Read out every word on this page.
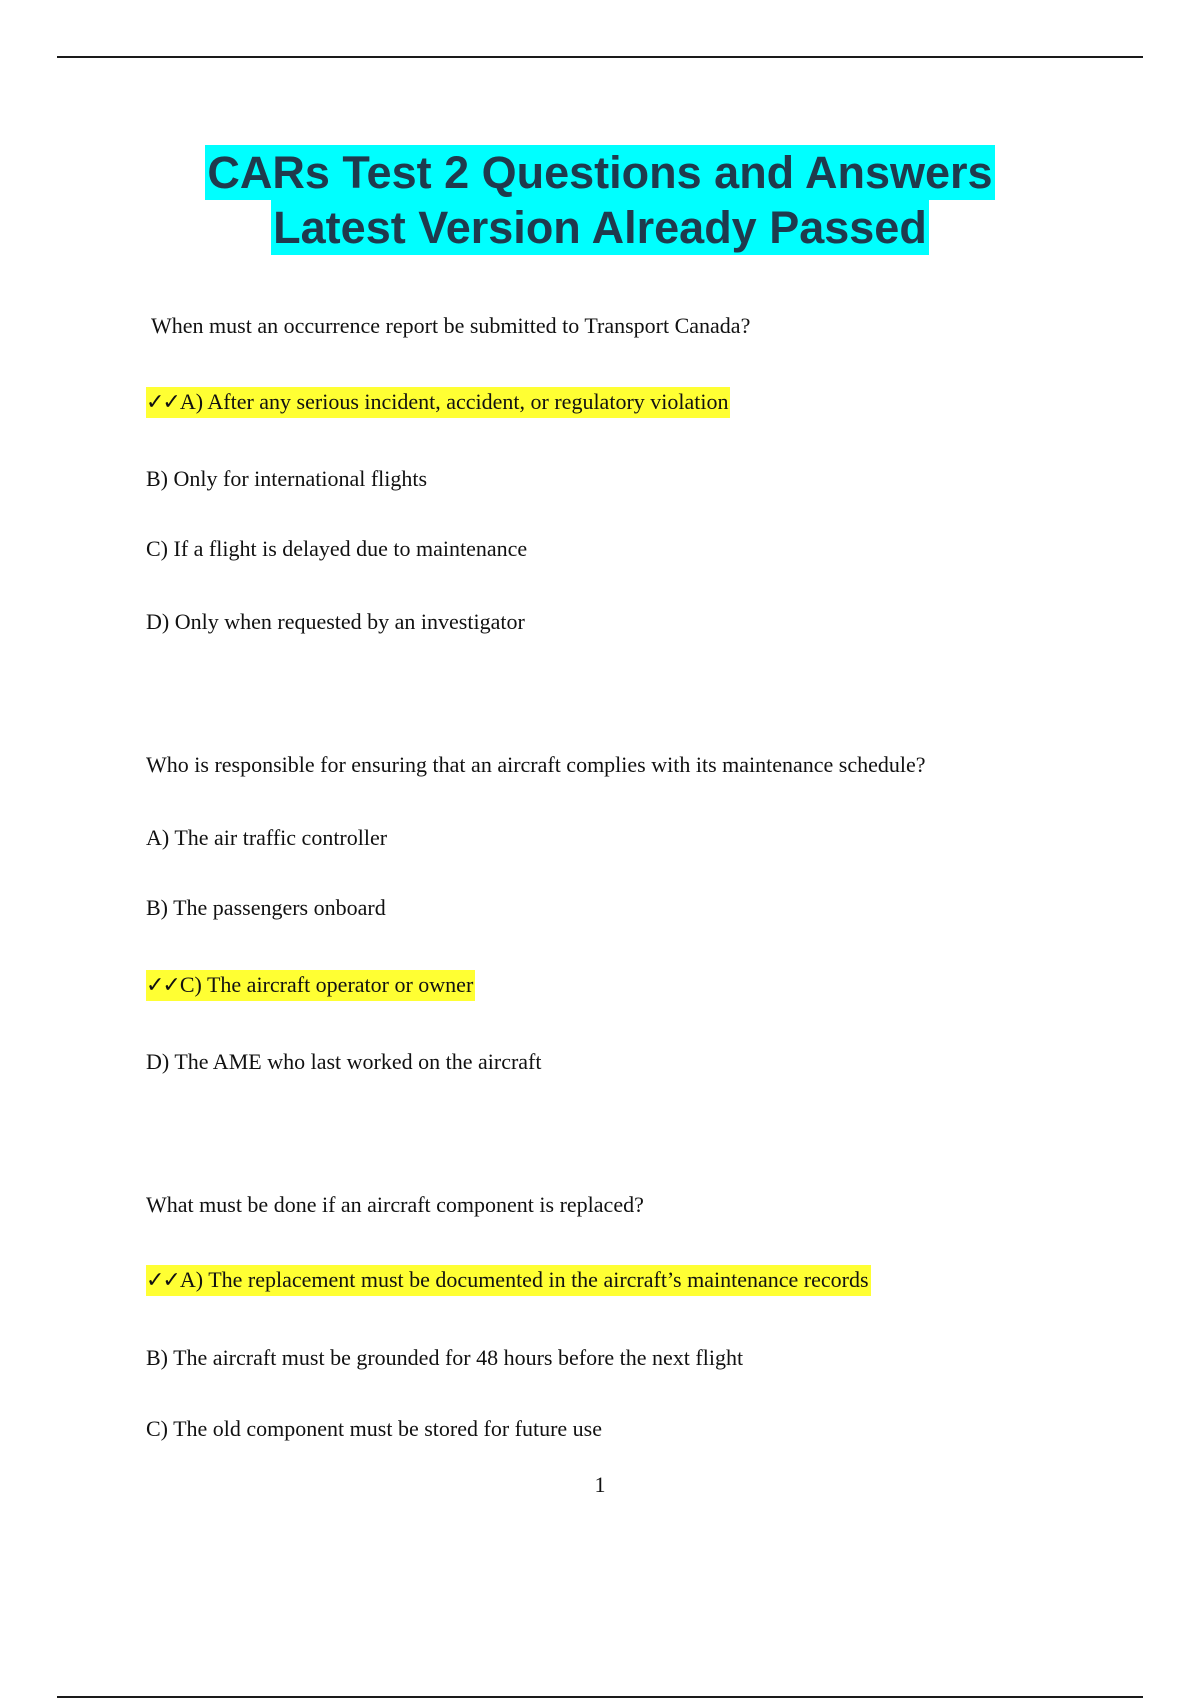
CARs Test 2 Questions and Answers
Latest Version Already Passed
When must an occurrence report be submitted to Transport Canada?
✓✓A) After any serious incident, accident, or regulatory violation
B) Only for international flights
C) If a flight is delayed due to maintenance
D) Only when requested by an investigator
Who is responsible for ensuring that an aircraft complies with its maintenance schedule?
A) The air traffic controller
B) The passengers onboard
✓✓C) The aircraft operator or owner
D) The AME who last worked on the aircraft
What must be done if an aircraft component is replaced?
✓✓A) The replacement must be documented in the aircraft’s maintenance records
B) The aircraft must be grounded for 48 hours before the next flight
C) The old component must be stored for future use
1
